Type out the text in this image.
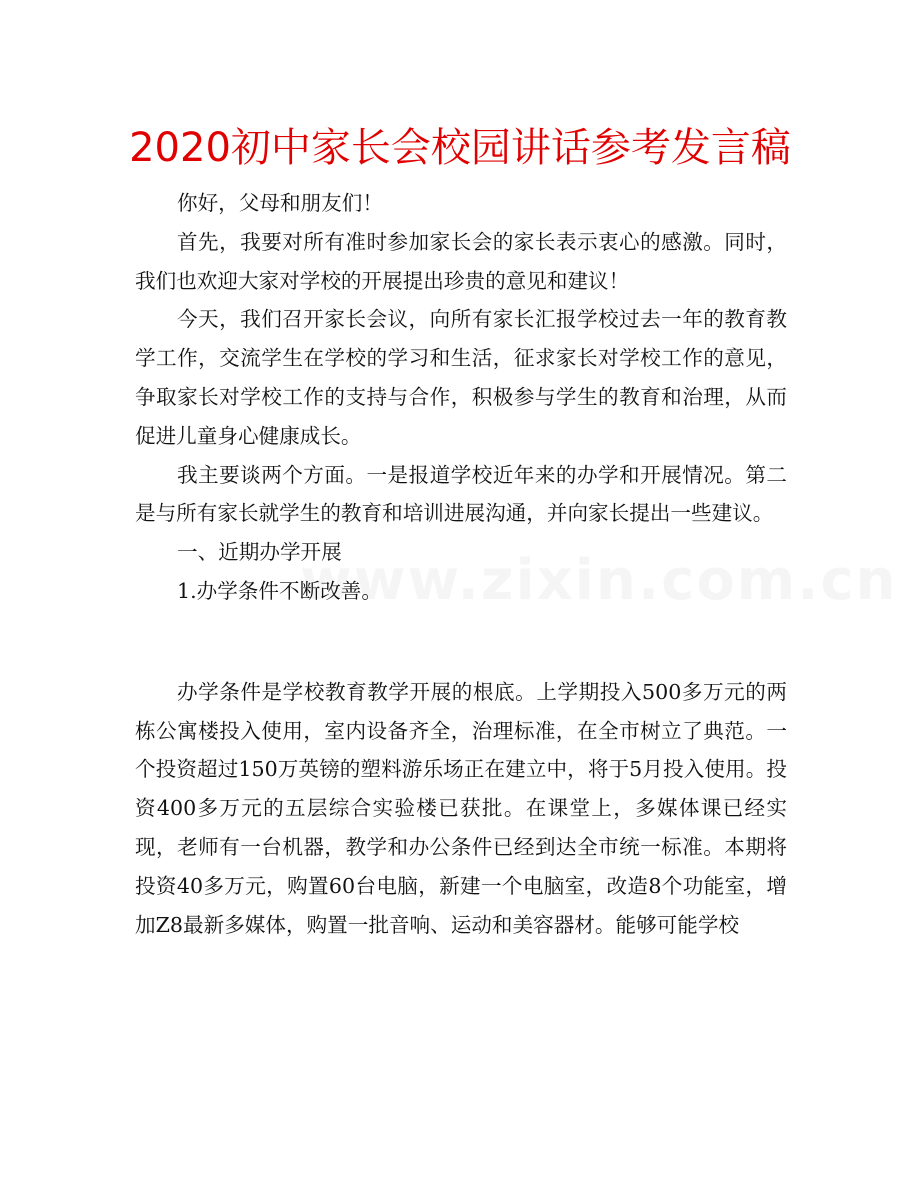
2020初中家长会校园讲话参考发言稿

你好，父母和朋友们！

首先，我要对所有准时参加家长会的家长表示衷心的感激。同时，我们也欢迎大家对学校的开展提出珍贵的意见和建议！

今天，我们召开家长会议，向所有家长汇报学校过去一年的教育教学工作，交流学生在学校的学习和生活，征求家长对学校工作的意见，争取家长对学校工作的支持与合作，积极参与学生的教育和治理，从而促进儿童身心健康成长。

我主要谈两个方面。一是报道学校近年来的办学和开展情况。第二是与所有家长就学生的教育和培训进展沟通，并向家长提出一些建议。

一、近期办学开展

1.办学条件不断改善。

办学条件是学校教育教学开展的根底。上学期投入500多万元的两栋公寓楼投入使用，室内设备齐全，治理标准，在全市树立了典范。一个投资超过150万英镑的塑料游乐场正在建立中，将于5月投入使用。投资400多万元的五层综合实验楼已获批。在课堂上，多媒体课已经实现，老师有一台机器，教学和办公条件已经到达全市统一标准。本期将投资40多万元，购置60台电脑，新建一个电脑室，改造8个功能室，增加Z8最新多媒体，购置一批音响、运动和美容器材。能够可能学校
